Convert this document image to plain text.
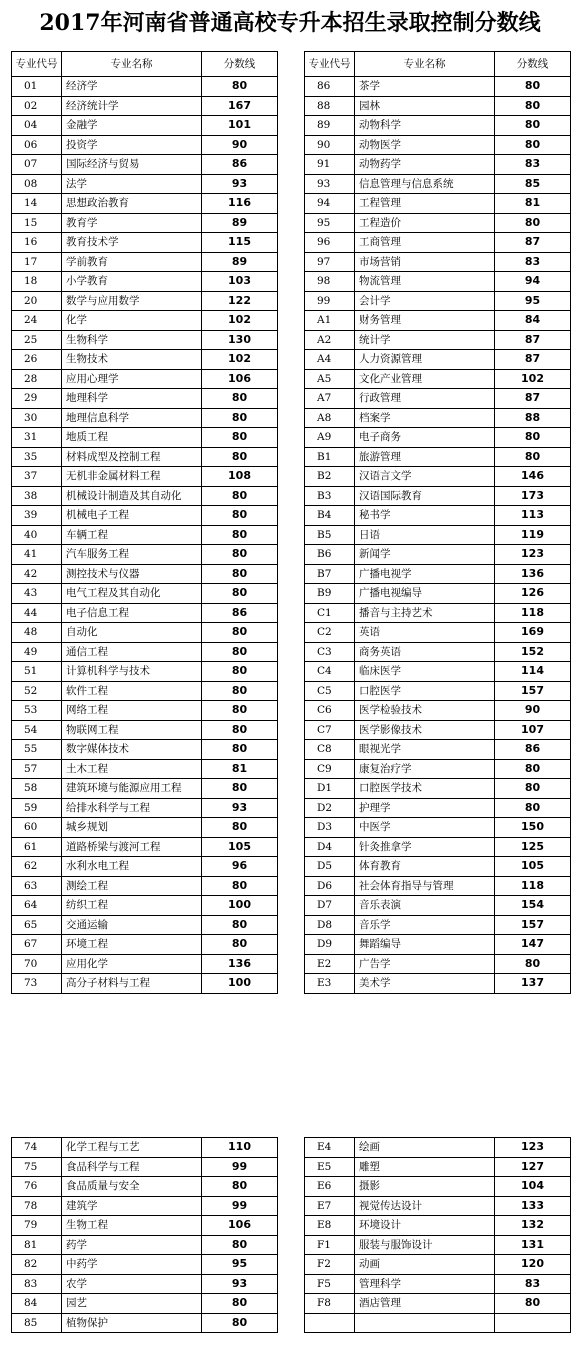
2017年河南省普通高校专升本招生录取控制分数线
专业代号	专业名称	分数线
01	经济学	80
02	经济统计学	167
04	金融学	101
06	投资学	90
07	国际经济与贸易	86
08	法学	93
14	思想政治教育	116
15	教育学	89
16	教育技术学	115
17	学前教育	89
18	小学教育	103
20	数学与应用数学	122
24	化学	102
25	生物科学	130
26	生物技术	102
28	应用心理学	106
29	地理科学	80
30	地理信息科学	80
31	地质工程	80
35	材料成型及控制工程	80
37	无机非金属材料工程	108
38	机械设计制造及其自动化	80
39	机械电子工程	80
40	车辆工程	80
41	汽车服务工程	80
42	测控技术与仪器	80
43	电气工程及其自动化	80
44	电子信息工程	86
48	自动化	80
49	通信工程	80
51	计算机科学与技术	80
52	软件工程	80
53	网络工程	80
54	物联网工程	80
55	数字媒体技术	80
57	土木工程	81
58	建筑环境与能源应用工程	80
59	给排水科学与工程	93
60	城乡规划	80
61	道路桥梁与渡河工程	105
62	水利水电工程	96
63	测绘工程	80
64	纺织工程	100
65	交通运输	80
67	环境工程	80
70	应用化学	136
73	高分子材料与工程	100
专业代号	专业名称	分数线
86	茶学	80
88	园林	80
89	动物科学	80
90	动物医学	80
91	动物药学	83
93	信息管理与信息系统	85
94	工程管理	81
95	工程造价	80
96	工商管理	87
97	市场营销	83
98	物流管理	94
99	会计学	95
A1	财务管理	84
A2	统计学	87
A4	人力资源管理	87
A5	文化产业管理	102
A7	行政管理	87
A8	档案学	88
A9	电子商务	80
B1	旅游管理	80
B2	汉语言文学	146
B3	汉语国际教育	173
B4	秘书学	113
B5	日语	119
B6	新闻学	123
B7	广播电视学	136
B9	广播电视编导	126
C1	播音与主持艺术	118
C2	英语	169
C3	商务英语	152
C4	临床医学	114
C5	口腔医学	157
C6	医学检验技术	90
C7	医学影像技术	107
C8	眼视光学	86
C9	康复治疗学	80
D1	口腔医学技术	80
D2	护理学	80
D3	中医学	150
D4	针灸推拿学	125
D5	体育教育	105
D6	社会体育指导与管理	118
D7	音乐表演	154
D8	音乐学	157
D9	舞蹈编导	147
E2	广告学	80
E3	美术学	137
74	化学工程与工艺	110
75	食品科学与工程	99
76	食品质量与安全	80
78	建筑学	99
79	生物工程	106
81	药学	80
82	中药学	95
83	农学	93
84	园艺	80
85	植物保护	80
E4	绘画	123
E5	雕塑	127
E6	摄影	104
E7	视觉传达设计	133
E8	环境设计	132
F1	服装与服饰设计	131
F2	动画	120
F5	管理科学	83
F8	酒店管理	80
